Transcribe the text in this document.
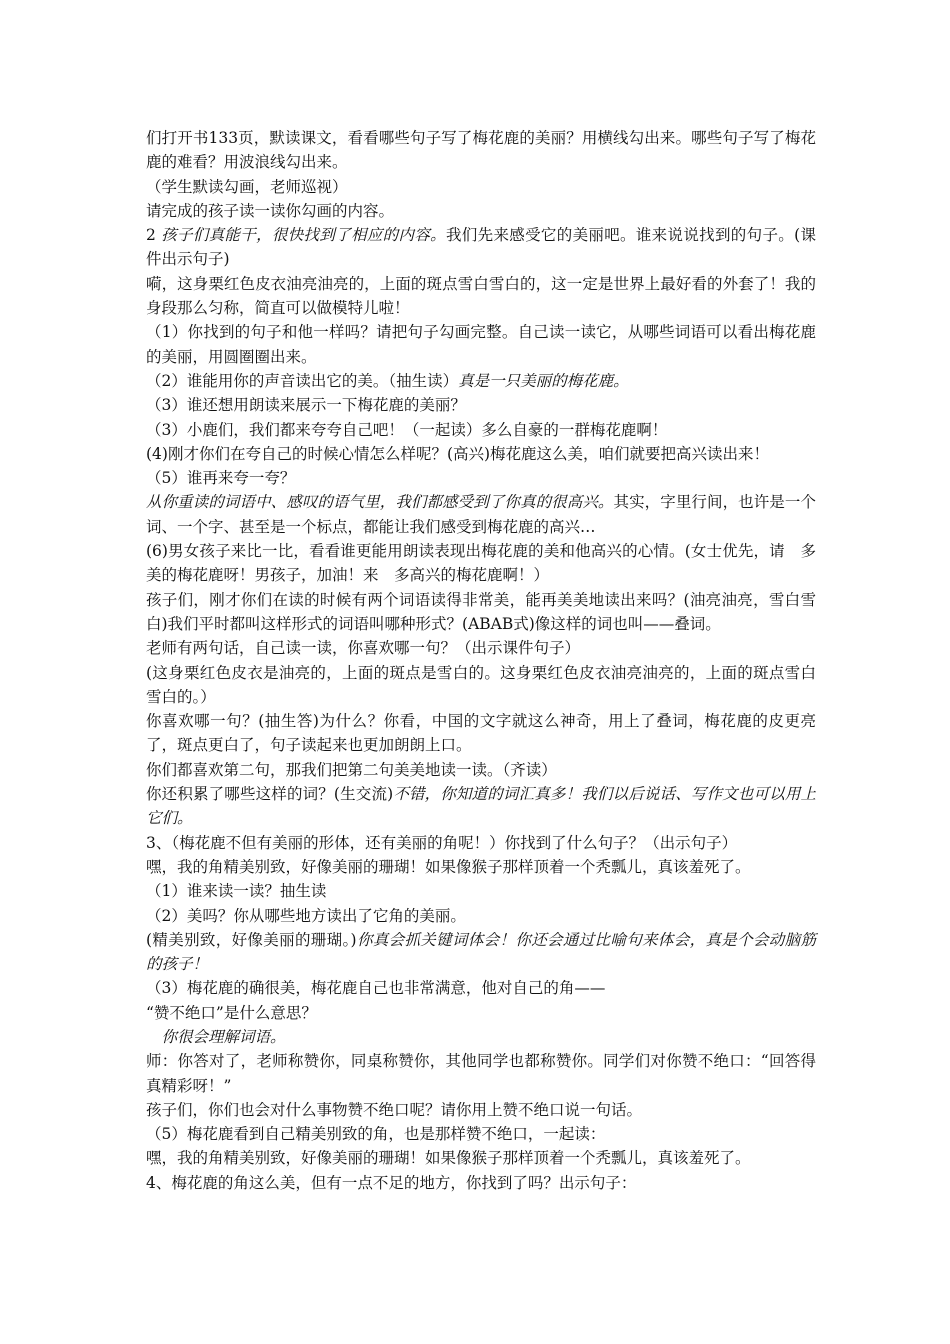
们打开书133页，默读课文，看看哪些句子写了梅花鹿的美丽？用横线勾出来。哪些句子写了梅花鹿的难看？用波浪线勾出来。

（学生默读勾画，老师巡视）

请完成的孩子读一读你勾画的内容。

2 孩子们真能干，很快找到了相应的内容。我们先来感受它的美丽吧。谁来说说找到的句子。(课件出示句子)

嗬，这身栗红色皮衣油亮油亮的，上面的斑点雪白雪白的，这一定是世界上最好看的外套了！我的身段那么匀称，简直可以做模特儿啦！

（1）你找到的句子和他一样吗？请把句子勾画完整。自己读一读它，从哪些词语可以看出梅花鹿的美丽，用圆圈圈出来。

（2）谁能用你的声音读出它的美。（抽生读）真是一只美丽的梅花鹿。

（3）谁还想用朗读来展示一下梅花鹿的美丽？

（3）小鹿们，我们都来夸夸自己吧！（一起读）多么自豪的一群梅花鹿啊！

(4)刚才你们在夸自己的时候心情怎么样呢？(高兴)梅花鹿这么美，咱们就要把高兴读出来！

（5）谁再来夸一夸？

从你重读的词语中、感叹的语气里，我们都感受到了你真的很高兴。其实，字里行间，也许是一个词、一个字、甚至是一个标点，都能让我们感受到梅花鹿的高兴…

(6)男女孩子来比一比，看看谁更能用朗读表现出梅花鹿的美和他高兴的心情。(女士优先，请　多美的梅花鹿呀！男孩子，加油！来　多高兴的梅花鹿啊！）

孩子们，刚才你们在读的时候有两个词语读得非常美，能再美美地读出来吗？(油亮油亮，雪白雪白)我们平时都叫这样形式的词语叫哪种形式？(ABAB式)像这样的词也叫——叠词。

老师有两句话，自己读一读，你喜欢哪一句？（出示课件句子）

(这身栗红色皮衣是油亮的，上面的斑点是雪白的。这身栗红色皮衣油亮油亮的，上面的斑点雪白雪白的。）

你喜欢哪一句？(抽生答)为什么？你看，中国的文字就这么神奇，用上了叠词，梅花鹿的皮更亮了，斑点更白了，句子读起来也更加朗朗上口。

你们都喜欢第二句，那我们把第二句美美地读一读。（齐读）

你还积累了哪些这样的词？(生交流)不错，你知道的词汇真多！我们以后说话、写作文也可以用上它们。

3、（梅花鹿不但有美丽的形体，还有美丽的角呢！）你找到了什么句子？（出示句子）

嘿，我的角精美别致，好像美丽的珊瑚！如果像猴子那样顶着一个秃瓢儿，真该羞死了。

（1）谁来读一读？抽生读

（2）美吗？你从哪些地方读出了它角的美丽。

(精美别致，好像美丽的珊瑚。)你真会抓关键词体会！你还会通过比喻句来体会，真是个会动脑筋的孩子！

（3）梅花鹿的确很美，梅花鹿自己也非常满意，他对自己的角——

“赞不绝口”是什么意思？

　你很会理解词语。

师：你答对了，老师称赞你，同桌称赞你，其他同学也都称赞你。同学们对你赞不绝口：“回答得真精彩呀！”

孩子们，你们也会对什么事物赞不绝口呢？请你用上赞不绝口说一句话。

（5）梅花鹿看到自己精美别致的角，也是那样赞不绝口，一起读：

嘿，我的角精美别致，好像美丽的珊瑚！如果像猴子那样顶着一个秃瓢儿，真该羞死了。

4、梅花鹿的角这么美，但有一点不足的地方，你找到了吗？出示句子：
